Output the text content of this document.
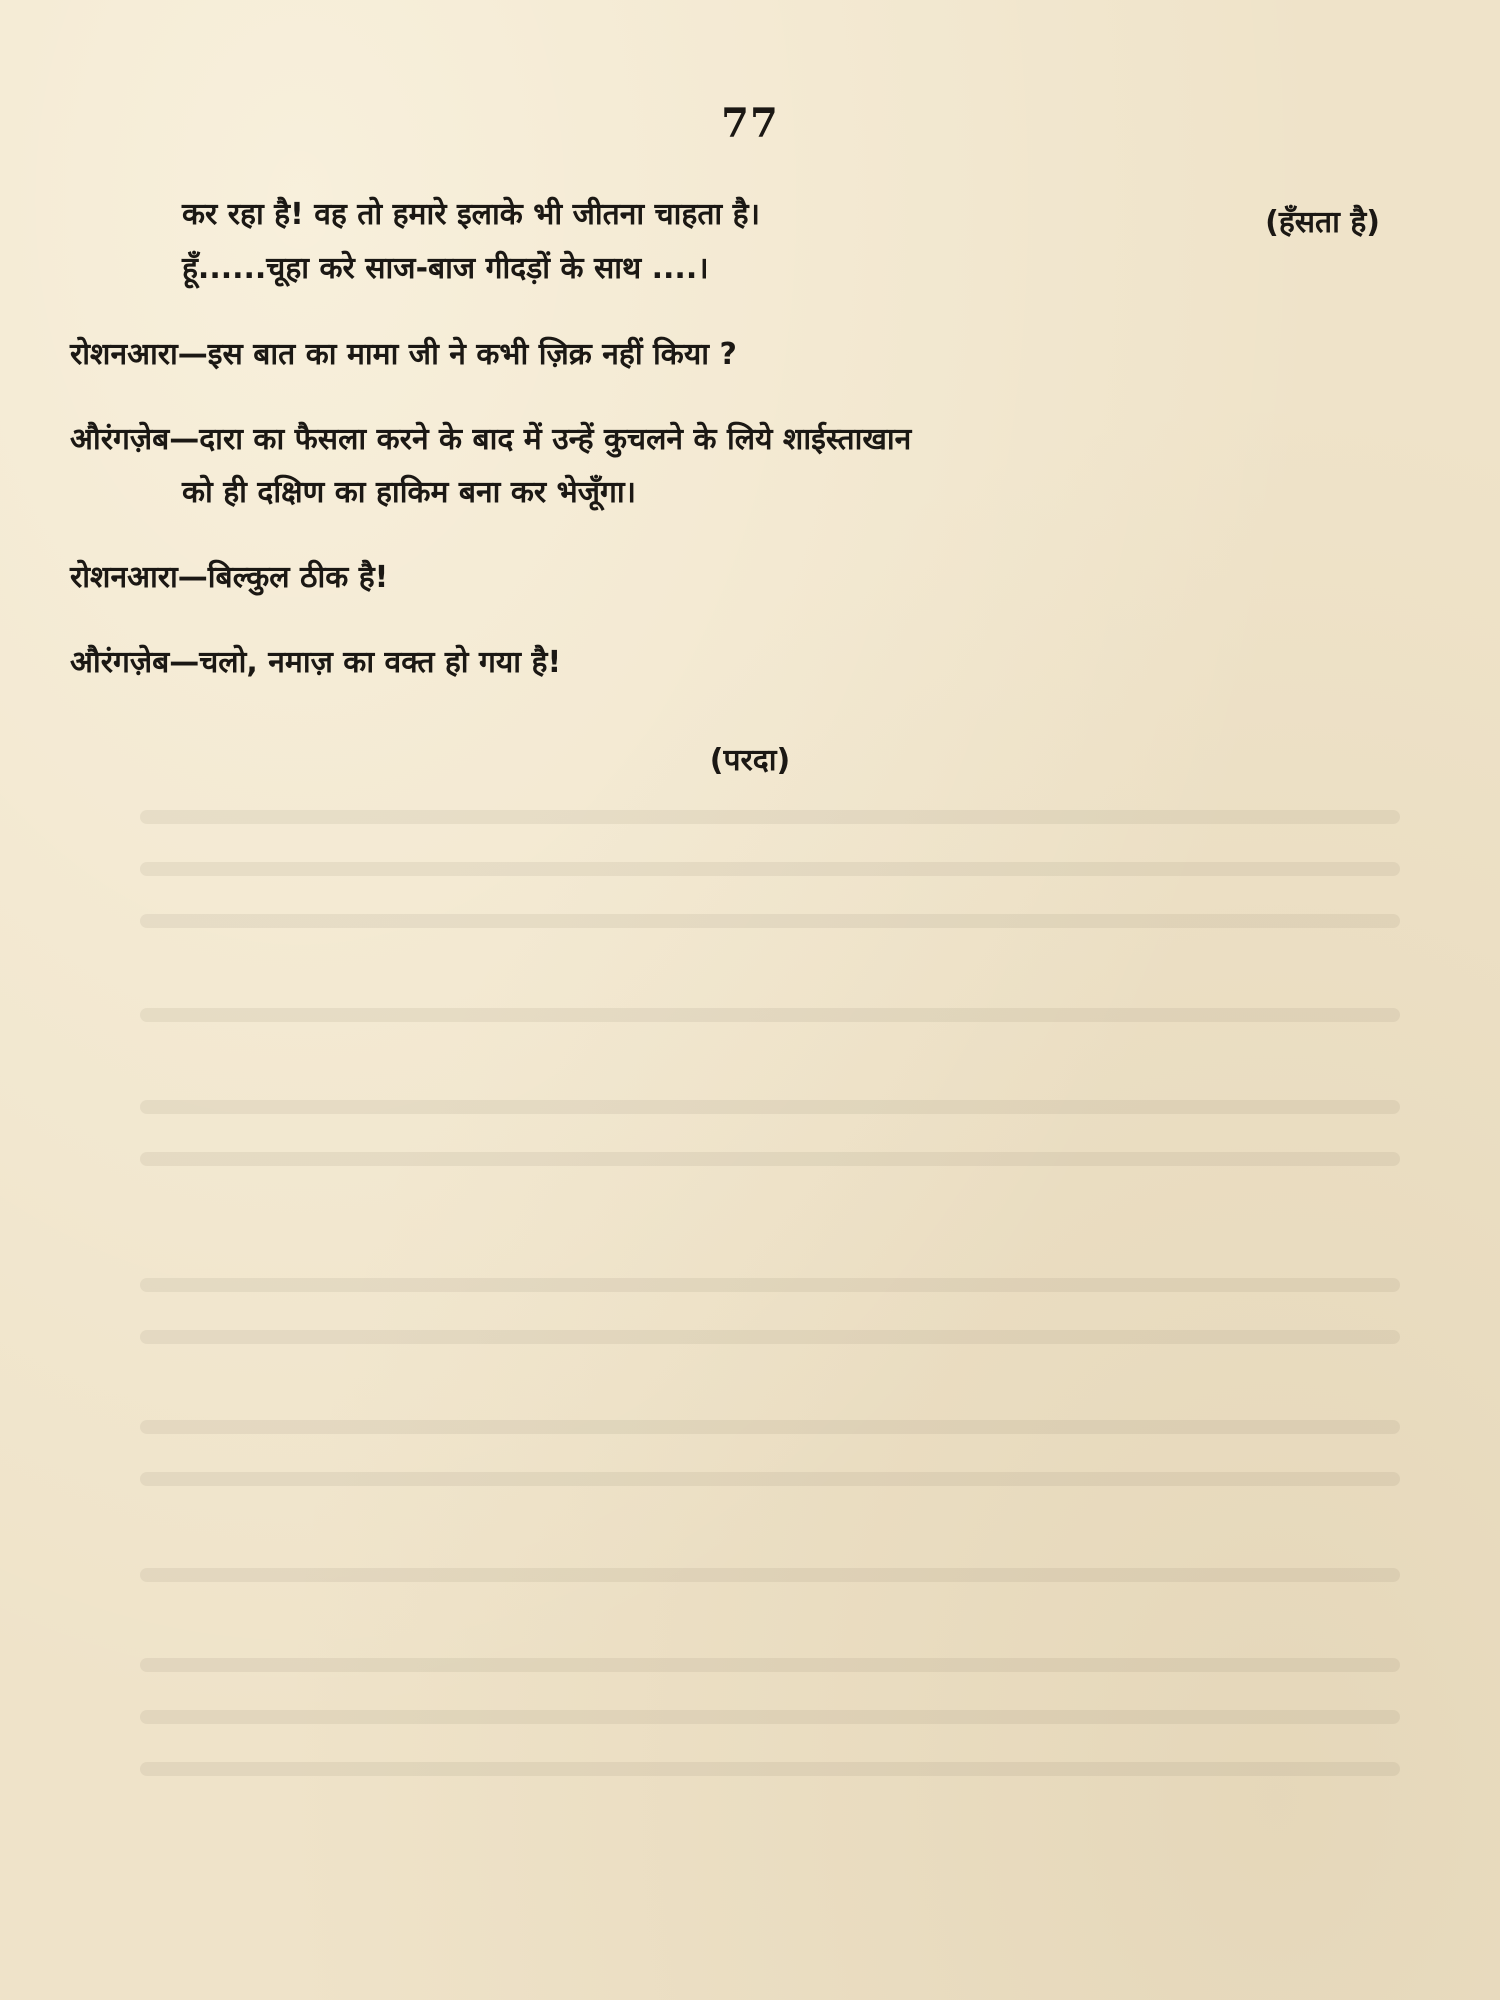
77
कर रहा है! वह तो हमारे इलाके भी जीतना चाहता है।	(हँसता है)
हूँ......चूहा करे साज-बाज गीदड़ों के साथ ....।
रोशनआरा—इस बात का मामा जी ने कभी ज़िक्र नहीं किया ?
औरंगज़ेब—दारा का फैसला करने के बाद में उन्हें कुचलने के लिये शाईस्ताखान
को ही दक्षिण का हाकिम बना कर भेजूँगा।
रोशनआरा—बिल्कुल ठीक है!
औरंगज़ेब—चलो, नमाज़ का वक्त हो गया है!
(परदा)
